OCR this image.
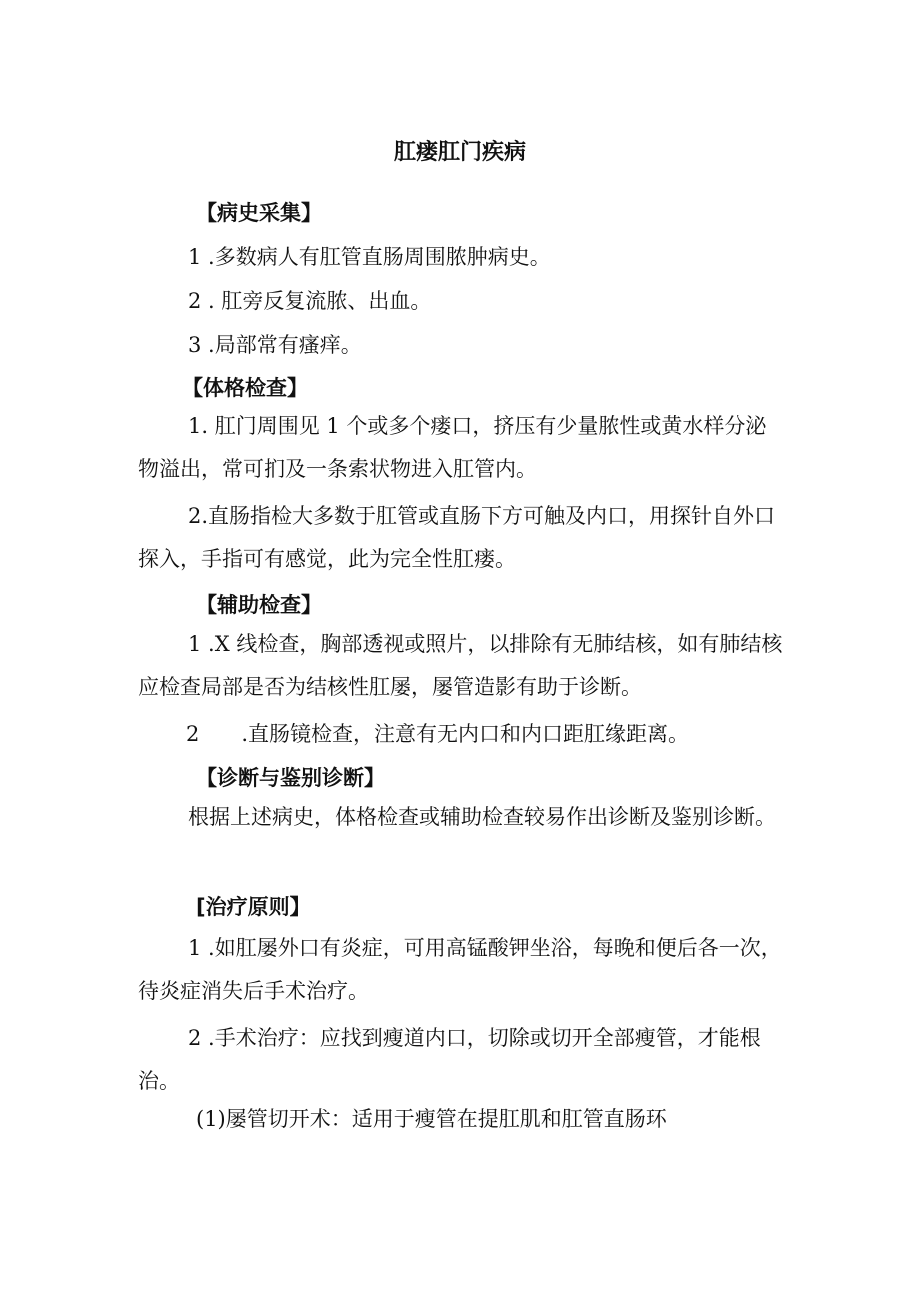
肛瘘肛门疾病
【病史采集】
1 .多数病人有肛管直肠周围脓肿病史。
2 . 肛旁反复流脓、出血。
3 .局部常有瘙痒。
【体格检查】
1. 肛门周围见 1 个或多个瘘口，挤压有少量脓性或黄水样分泌物溢出，常可扪及一条索状物进入肛管内。
2.直肠指检大多数于肛管或直肠下方可触及内口，用探针自外口探入，手指可有感觉，此为完全性肛瘘。
【辅助检查】
1 .X 线检查，胸部透视或照片，以排除有无肺结核，如有肺结核应检查局部是否为结核性肛屡，屡管造影有助于诊断。
2　　.直肠镜检查，注意有无内口和内口距肛缘距离。
【诊断与鉴别诊断】
根据上述病史，体格检查或辅助检查较易作出诊断及鉴别诊断。
[治疗原则】
1 .如肛屡外口有炎症，可用高锰酸钾坐浴，每晚和便后各一次，待炎症消失后手术治疗。
2 .手术治疗：应找到瘦道内口，切除或切开全部瘦管，才能根治。
(1)屡管切开术：适用于瘦管在提肛肌和肛管直肠环
